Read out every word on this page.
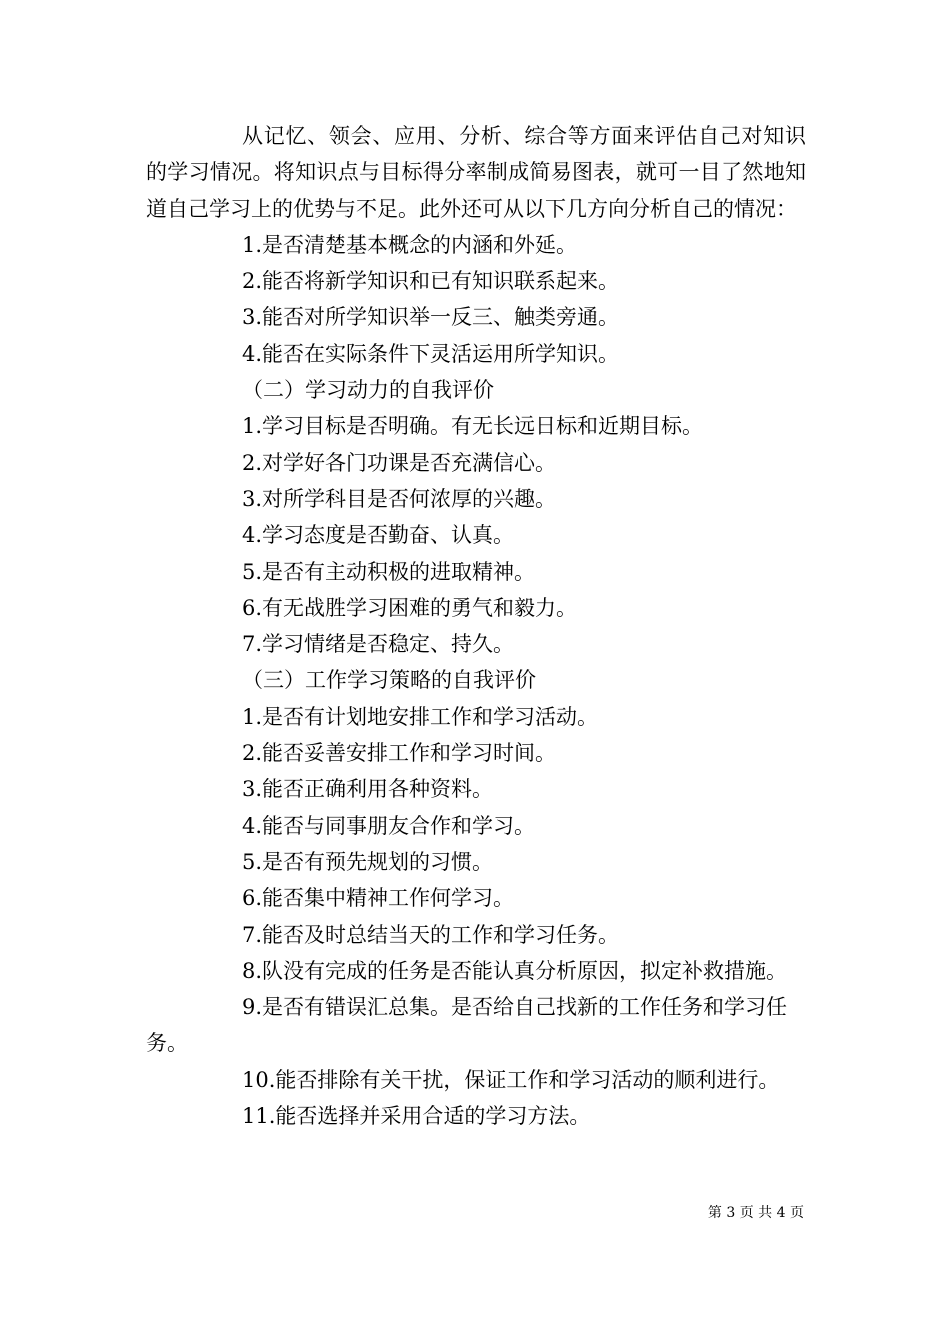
从记忆、领会、应用、分析、综合等方面来评估自己对知识的学习情况。将知识点与目标得分率制成简易图表，就可一目了然地知道自己学习上的优势与不足。此外还可从以下几方向分析自己的情况：

1.是否清楚基本概念的内涵和外延。

2.能否将新学知识和已有知识联系起来。

3.能否对所学知识举一反三、触类旁通。

4.能否在实际条件下灵活运用所学知识。

（二）学习动力的自我评价

1.学习目标是否明确。有无长远日标和近期目标。

2.对学好各门功课是否充满信心。

3.对所学科目是否何浓厚的兴趣。

4.学习态度是否勤奋、认真。

5.是否有主动积极的进取精神。

6.有无战胜学习困难的勇气和毅力。

7.学习情绪是否稳定、持久。

（三）工作学习策略的自我评价

1.是否有计划地安排工作和学习活动。

2.能否妥善安排工作和学习时间。

3.能否正确利用各种资料。

4.能否与同事朋友合作和学习。

5.是否有预先规划的习惯。

6.能否集中精神工作何学习。

7.能否及时总结当天的工作和学习任务。

8.队没有完成的任务是否能认真分析原因，拟定补救措施。

9.是否有错误汇总集。是否给自己找新的工作任务和学习任务。

10.能否排除有关干扰，保证工作和学习活动的顺利进行。

11.能否选择并采用合适的学习方法。

第 3 页 共 4 页
